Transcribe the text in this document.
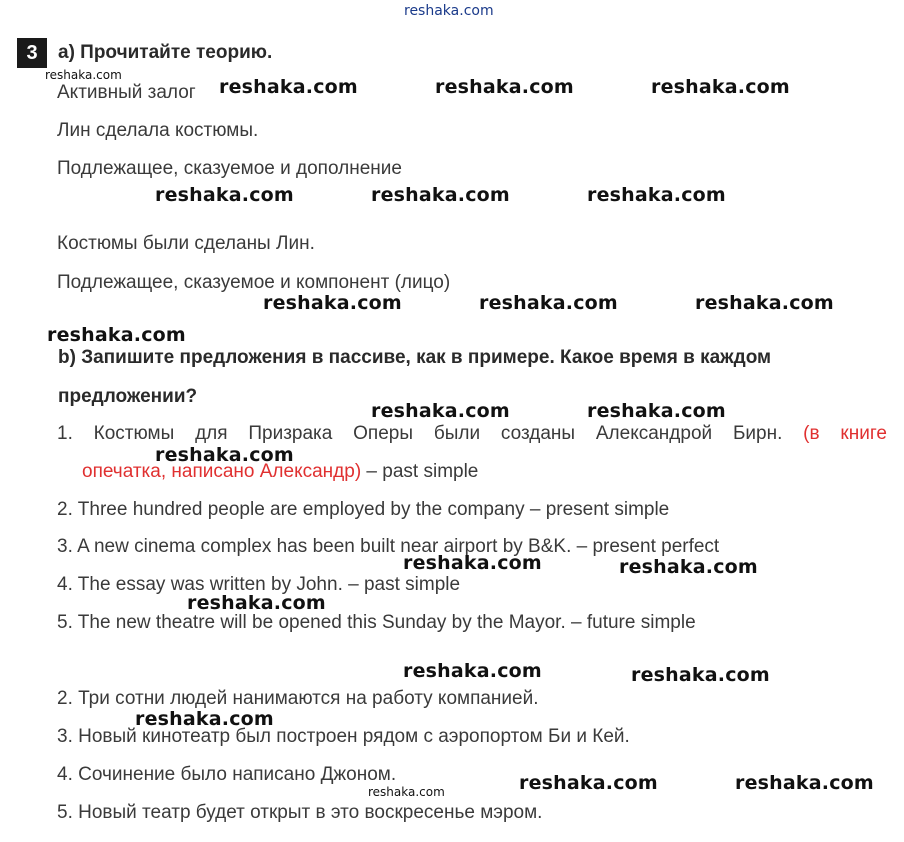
reshaka.com
3	a) Прочитайте теорию.
reshaka.com
Активный залог
Лин сделала костюмы.
Подлежащее, сказуемое и дополнение
Костюмы были сделаны Лин.
Подлежащее, сказуемое и компонент (лицо)
b) Запишите предложения в пассиве, как в примере. Какое время в каждом
предложении?
1. Костюмы для Призрака Оперы были созданы Александрой Бирн. (в книге
опечатка, написано Александр) – past simple
2. Three hundred people are employed by the company – present simple
3. A new cinema complex has been built near airport by B&K. – present perfect
4. The essay was written by John. – past simple
5. The new theatre will be opened this Sunday by the Mayor. – future simple
2. Три сотни людей нанимаются на работу компанией.
3. Новый кинотеатр был построен рядом с аэропортом Би и Кей.
4. Сочинение было написано Джоном.
reshaka.com
5. Новый театр будет открыт в это воскресенье мэром.
reshaka.com	reshaka.com	reshaka.com
reshaka.com	reshaka.com	reshaka.com
reshaka.com	reshaka.com	reshaka.com
reshaka.com
reshaka.com	reshaka.com
reshaka.com
reshaka.com	reshaka.com
reshaka.com
reshaka.com	reshaka.com
reshaka.com
reshaka.com	reshaka.com
